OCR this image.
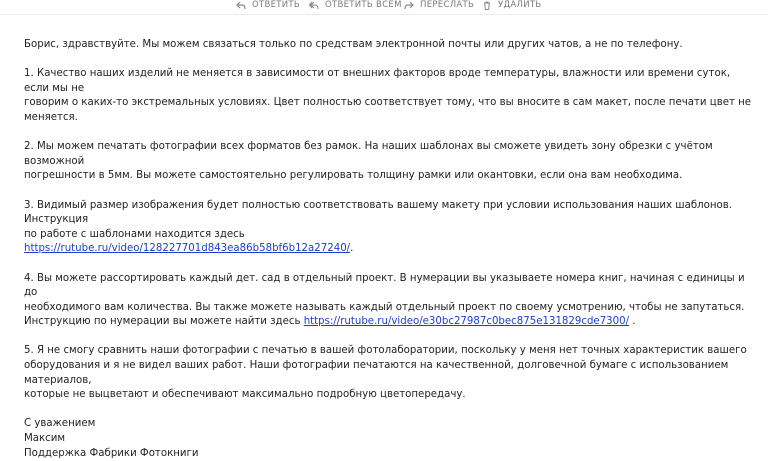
ОТВЕТИТЬ	ОТВЕТИТЬ ВСЕМ ПЕРЕСЛАТЬ	УДАЛИТЬ

Борис, здравствуйте. Мы можем связаться только по средствам электронной почты или других чатов, а не по телефону.

1. Качество наших изделий не меняется в зависимости от внешних факторов вроде температуры, влажности или времени суток, если мы не
говорим о каких-то экстремальных условиях. Цвет полностью соответствует тому, что вы вносите в сам макет, после печати цвет не
меняется.

2. Мы можем печатать фотографии всех форматов без рамок. На наших шаблонах вы сможете увидеть зону обрезки с учётом возможной
погрешности в 5мм. Вы можете самостоятельно регулировать толщину рамки или окантовки, если она вам необходима.

3. Видимый размер изображения будет полностью соответствовать вашему макету при условии использования наших шаблонов. Инструкция
по работе с шаблонами находится здесь
https://rutube.ru/video/128227701d843ea86b58bf6b12a27240/.

4. Вы можете рассортировать каждый дет. сад в отдельный проект. В нумерации вы указываете номера книг, начиная с единицы и до
необходимого вам количества. Вы также можете называть каждый отдельный проект по своему усмотрению, чтобы не запутаться.
Инструкцию по нумерации вы можете найти здесь https://rutube.ru/video/e30bc27987c0bec875e131829cde7300/ .

5. Я не смогу сравнить наши фотографии с печатью в вашей фотолаборатории, поскольку у меня нет точных характеристик вашего
оборудования и я не видел ваших работ. Наши фотографии печатаются на качественной, долговечной бумаге с использованием материалов,
которые не выцветают и обеспечивают максимально подробную цветопередачу.

С уважением
Максим
Поддержка Фабрики Фотокниги
